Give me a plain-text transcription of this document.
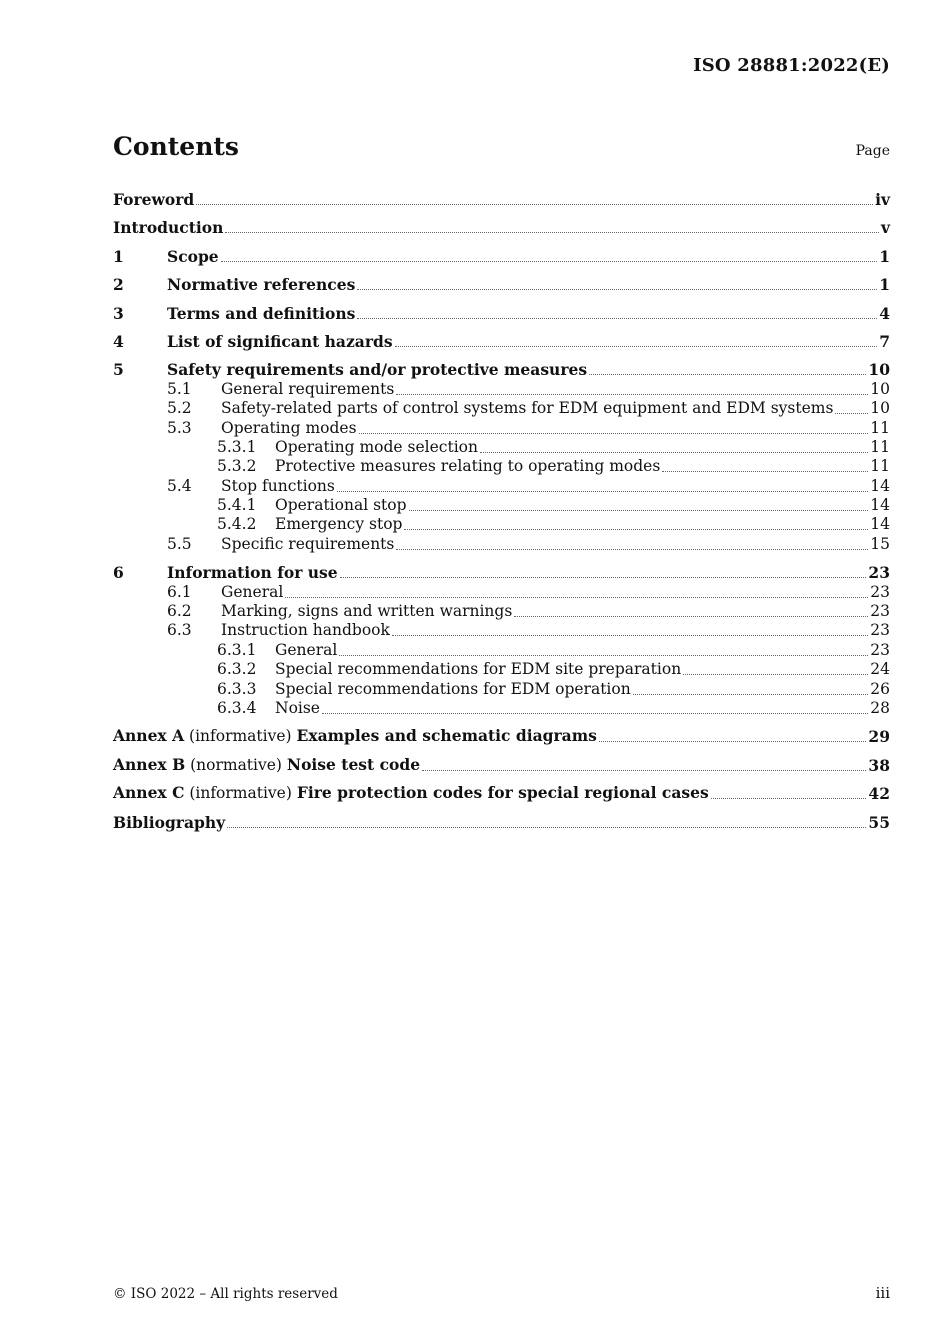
ISO 28881:2022(E)
Contents	Page
Foreword	iv
Introduction	v
1	Scope	1
2	Normative references	1
3	Terms and definitions	4
4	List of significant hazards	7
5	Safety requirements and/or protective measures	10
5.1	General requirements	10
5.2	Safety-related parts of control systems for EDM equipment and EDM systems 10
5.3	Operating modes	11
5.3.1	Operating mode selection	11
5.3.2	Protective measures relating to operating modes	11
5.4	Stop functions	14
5.4.1	Operational stop	14
5.4.2	Emergency stop	14
5.5	Specific requirements	15
6	Information for use	23
6.1	General	23
6.2	Marking, signs and written warnings	23
6.3	Instruction handbook	23
6.3.1	General	23
6.3.2	Special recommendations for EDM site preparation	24
6.3.3	Special recommendations for EDM operation	26
6.3.4	Noise	28
Annex A (informative) Examples and schematic diagrams	29
Annex B (normative) Noise test code	38
Annex C (informative) Fire protection codes for special regional cases	42
Bibliography	55
© ISO 2022 – All rights reserved	iii
